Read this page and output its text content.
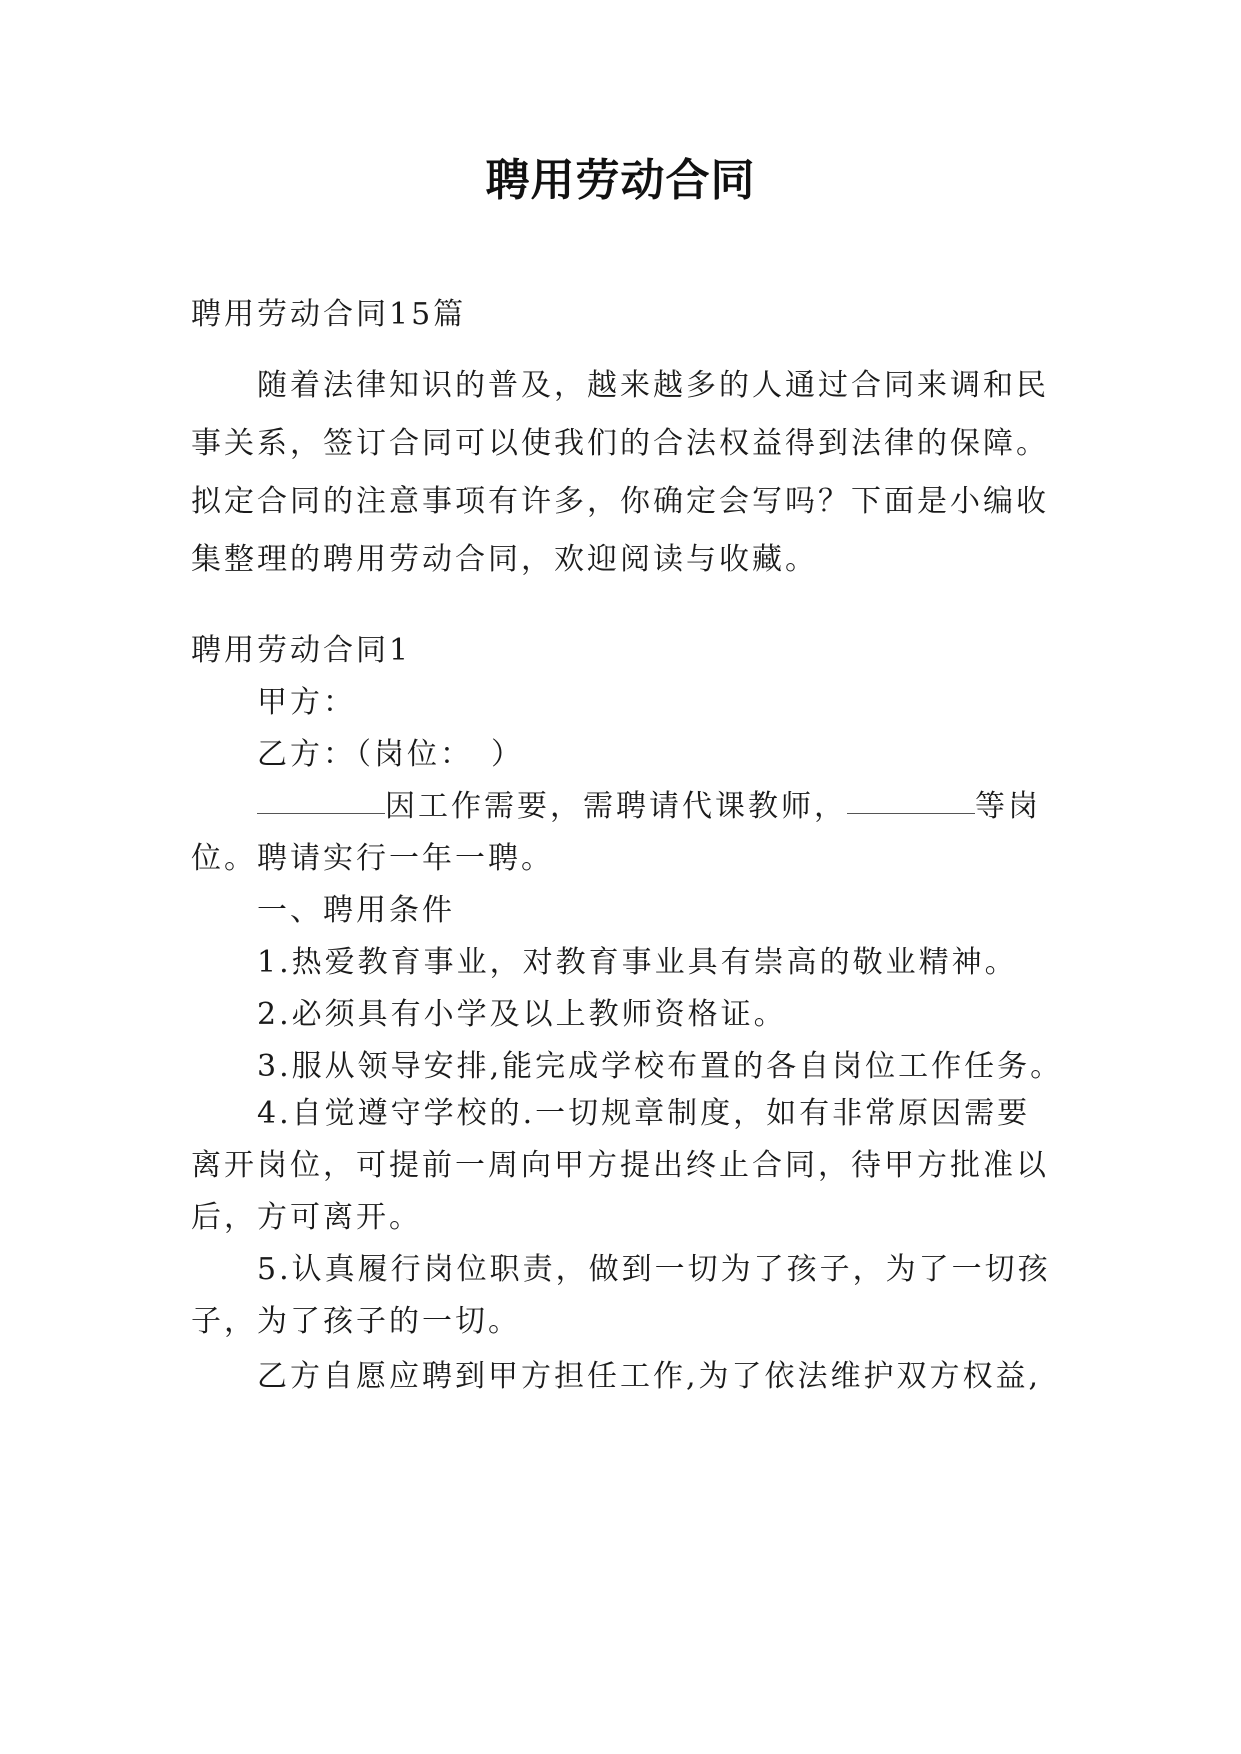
聘用劳动合同
聘用劳动合同15篇
随着法律知识的普及，越来越多的人通过合同来调和民事关系，签订合同可以使我们的合法权益得到法律的保障。拟定合同的注意事项有许多，你确定会写吗？下面是小编收集整理的聘用劳动合同，欢迎阅读与收藏。
聘用劳动合同1
甲方：
乙方：（岗位：　）
因工作需要，需聘请代课教师，	等岗
位。聘请实行一年一聘。
一、聘用条件
1.热爱教育事业，对教育事业具有崇高的敬业精神。
2.必须具有小学及以上教师资格证。
3.服从领导安排,能完成学校布置的各自岗位工作任务。
4.自觉遵守学校的.一切规章制度，如有非常原因需要离开岗位，可提前一周向甲方提出终止合同，待甲方批准以后，方可离开。
5.认真履行岗位职责，做到一切为了孩子，为了一切孩子，为了孩子的一切。
乙方自愿应聘到甲方担任工作,为了依法维护双方权益,
